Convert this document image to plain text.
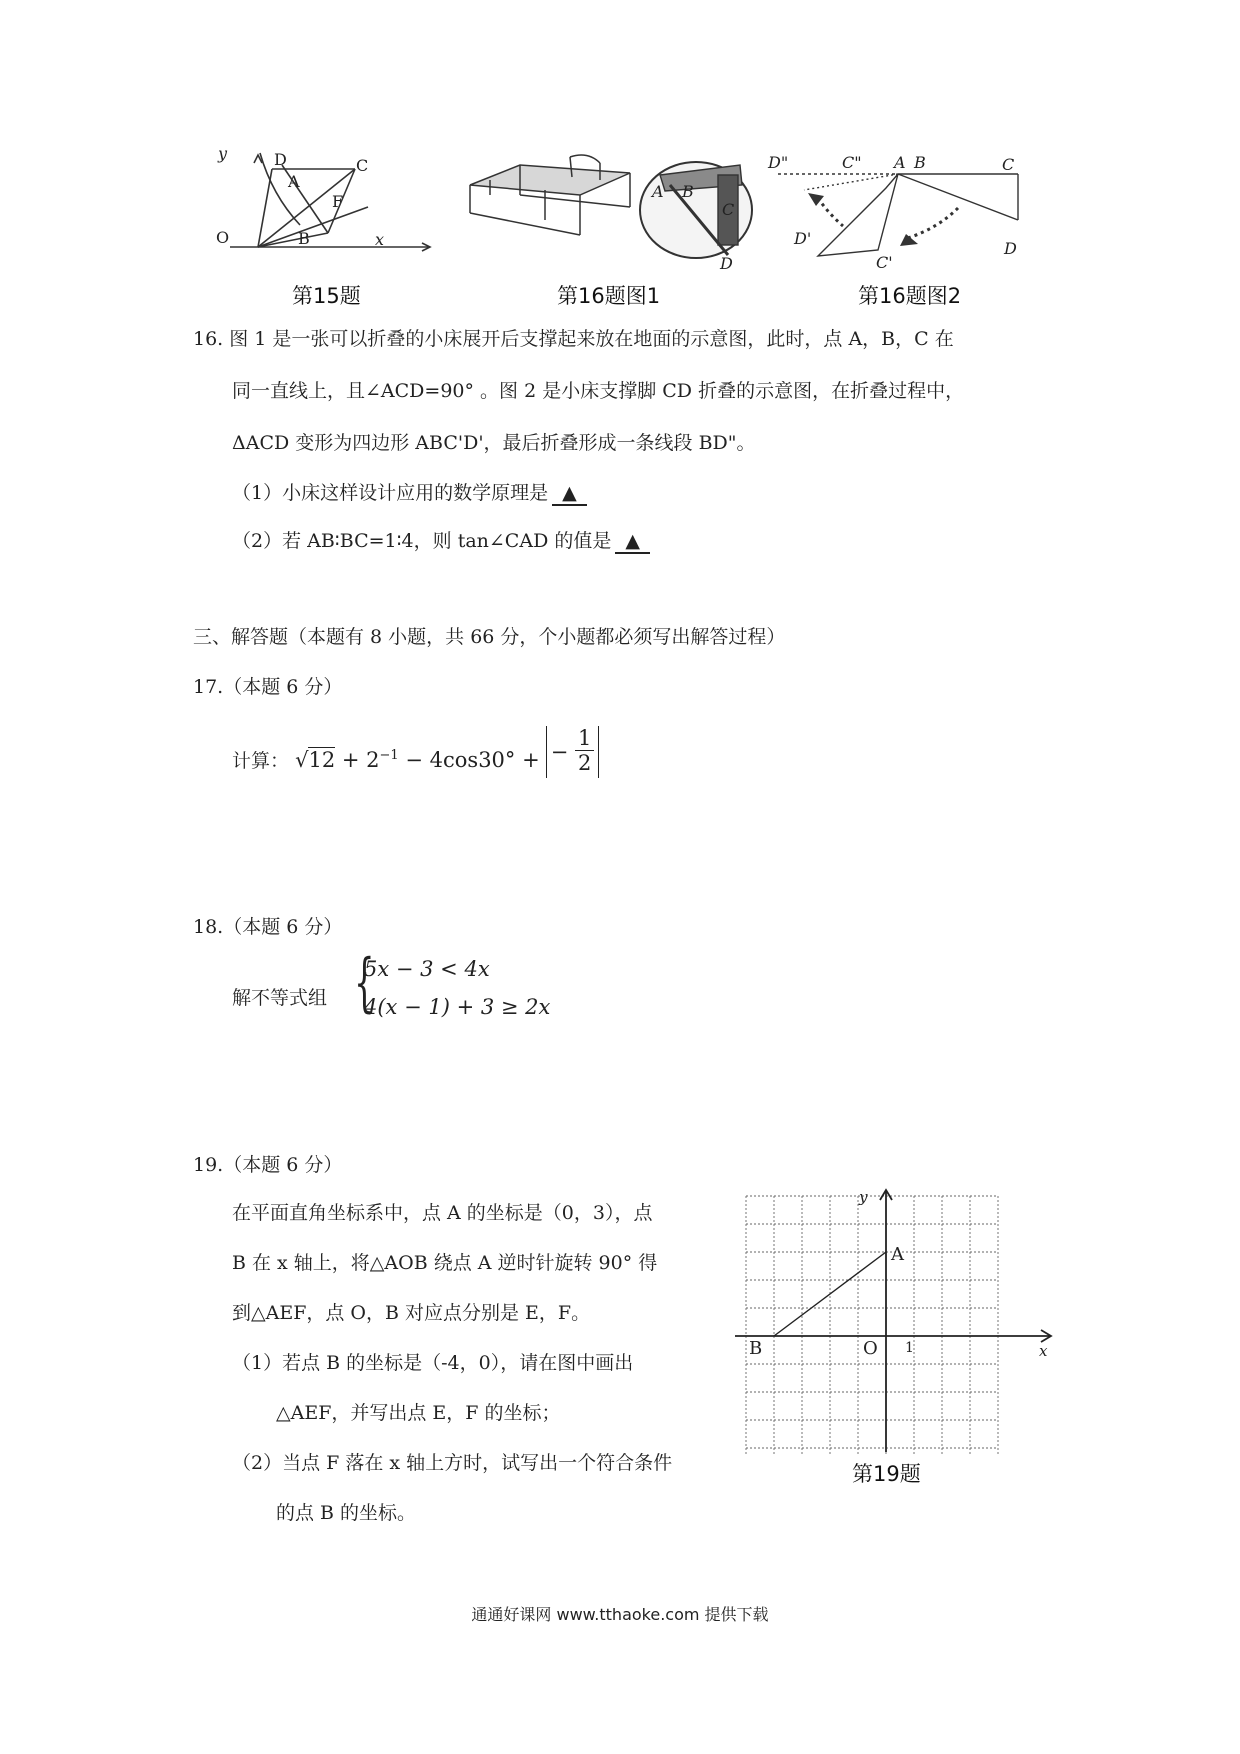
y
O
D
A
C
F
B	x
第15题
A B
C
D
第16题图1
D"	C" A B	C
D'
C'
D
第16题图2
16. 图 1 是一张可以折叠的小床展开后支撑起来放在地面的示意图，此时，点 A，B，C 在
同一直线上，且∠ACD=90° 。图 2 是小床支撑脚 CD 折叠的示意图，在折叠过程中，
ΔACD 变形为四边形 ABC'D'，最后折叠形成一条线段 BD"。
（1）小床这样设计应用的数学原理是 ▲
（2）若 AB∶BC=1∶4，则 tan∠CAD 的值是 ▲
三、解答题（本题有 8 小题，共 66 分，个小题都必须写出解答过程）
17.（本题 6 分）
计算： $√12 + 2^{-1} - 4\cos 30^\circ$ + − $\frac{1}{2}$
18.（本题 6 分）
解不等式组 {
5x − 3 < 4x
4(x − 1) + 3 ≥ 2x
19.（本题 6 分）
在平面直角坐标系中，点 A 的坐标是（0，3），点
B 在 x 轴上，将△AOB 绕点 A 逆时针旋转 90° 得
到△AEF，点 O，B 对应点分别是 E，F。
（1）若点 B 的坐标是（-4，0），请在图中画出
△AEF，并写出点 E，F 的坐标；
（2）当点 F 落在 x 轴上方时，试写出一个符合条件
的点 B 的坐标。
y
A
B	O 1	x
第19题
通通好课网 www.tthaoke.com 提供下载
